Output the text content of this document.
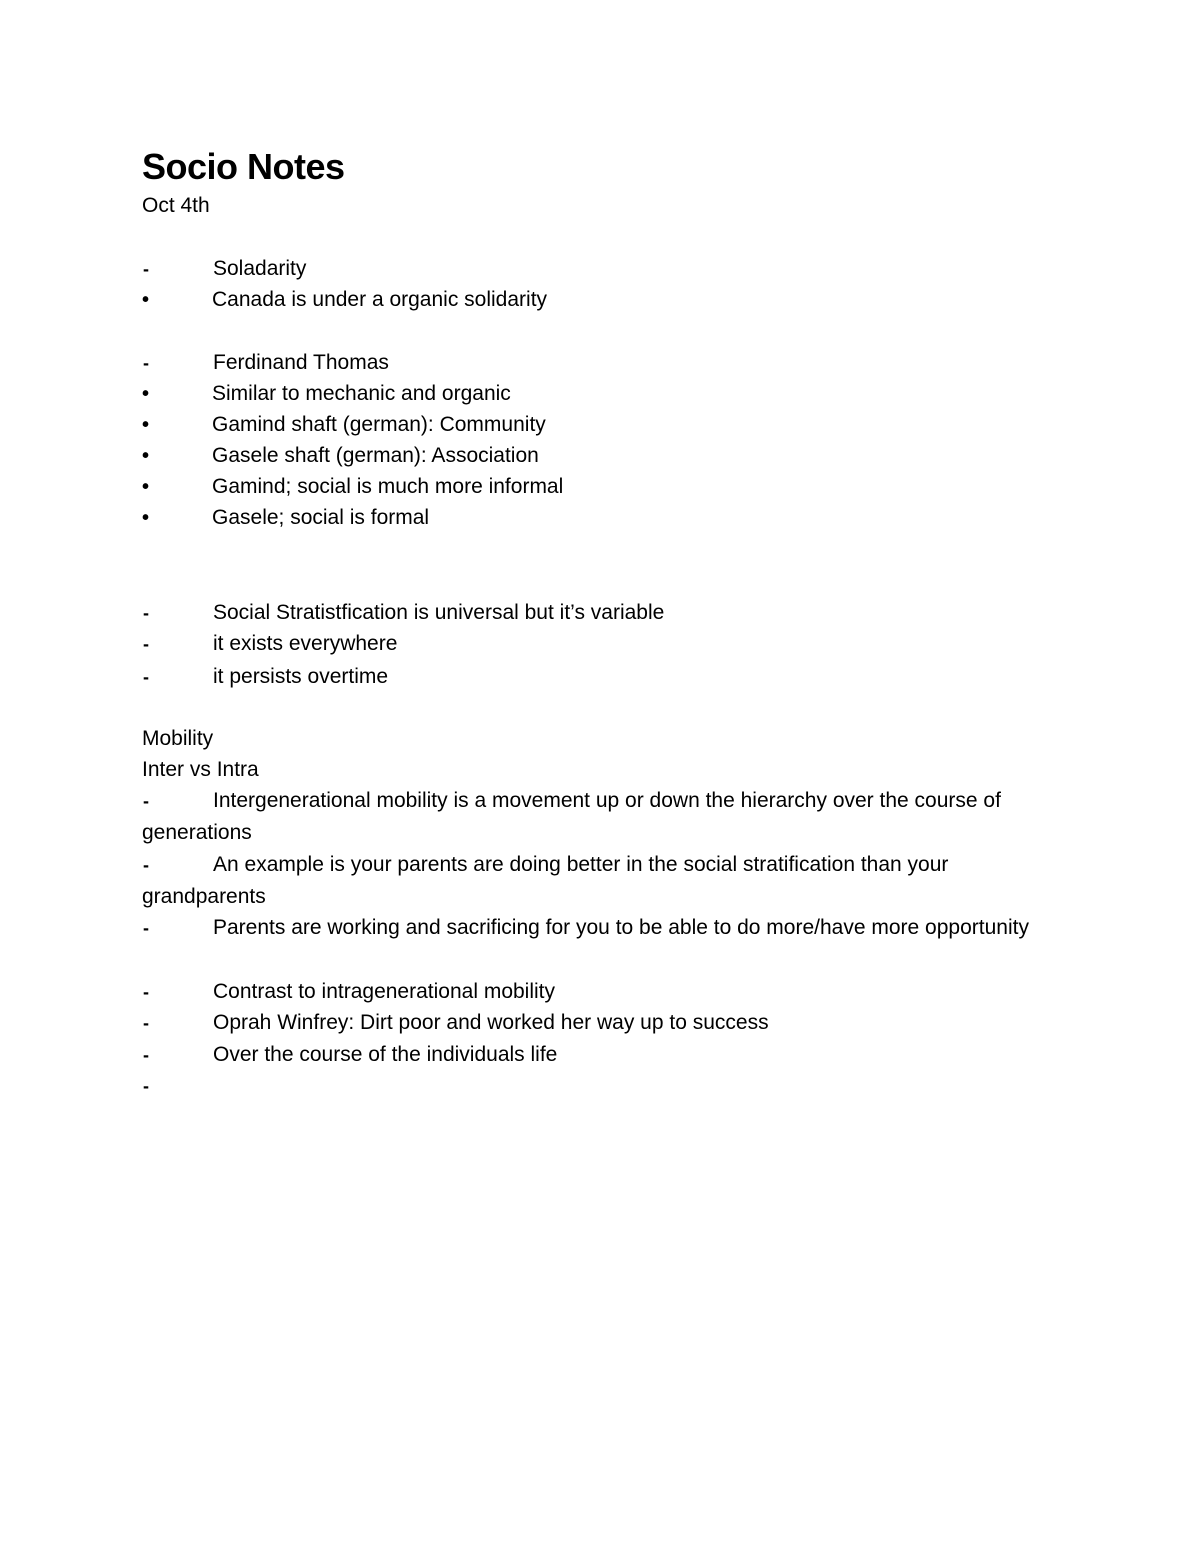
Socio Notes
Oct 4th
-	Soladarity
•	Canada is under a organic solidarity
-	Ferdinand Thomas
•	Similar to mechanic and organic
•	Gamind shaft (german): Community
•	Gasele shaft (german): Association
•	Gamind; social is much more informal
•	Gasele; social is formal
-	Social Stratistfication is universal but it’s variable
-	it exists everywhere
-	it persists overtime
Mobility
Inter vs Intra
-	Intergenerational mobility is a movement up or down the hierarchy over the course of generations
-	An example is your parents are doing better in the social stratification than your grandparents
-	Parents are working and sacrificing for you to be able to do more/have more opportunity
-	Contrast to intragenerational mobility
-	Oprah Winfrey: Dirt poor and worked her way up to success
-	Over the course of the individuals life
-
